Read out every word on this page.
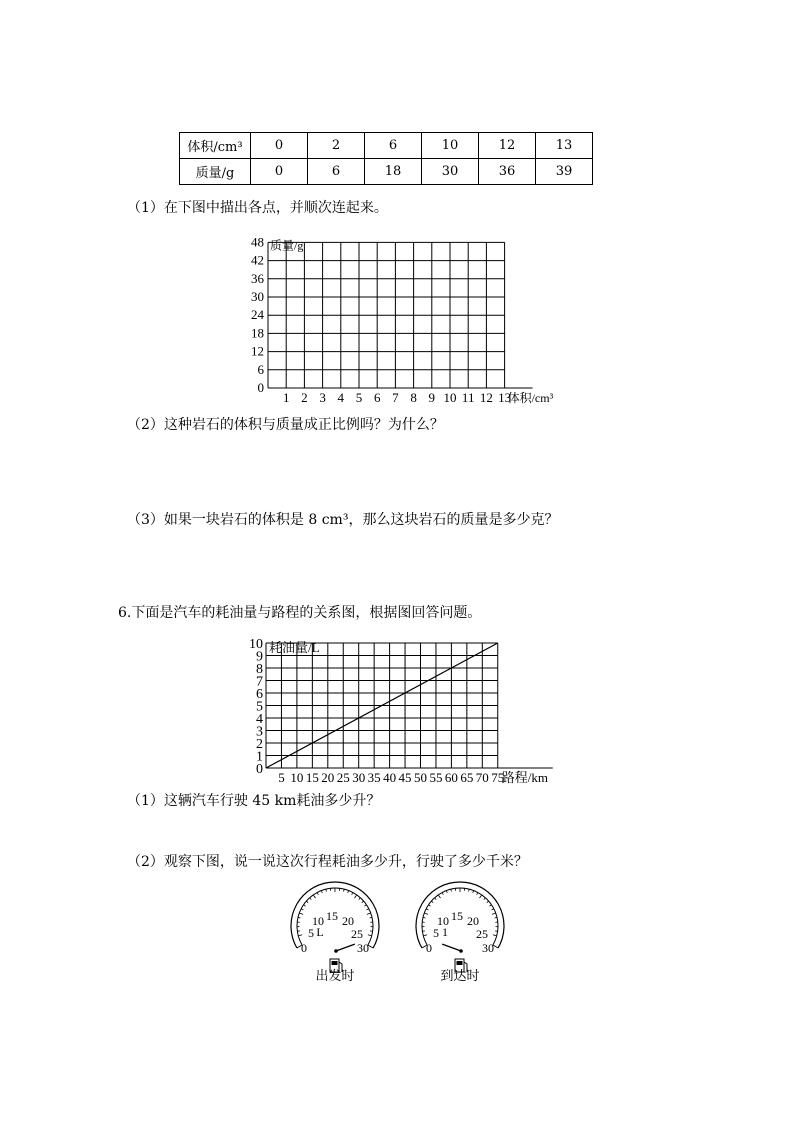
体积/cm³	0	2	6	10	12	13
质量/g	0	6	18	30	36	39
（1）在下图中描出各点，并顺次连起来。
0
6
12
18
24
30
36
42
48
1 2 3 4 5 6 7 8 9 10 11 12 13
质量/g
体积/cm³
（2）这种岩石的体积与质量成正比例吗？为什么？
（3）如果一块岩石的体积是 8 cm³，那么这块岩石的质量是多少克？
6.下面是汽车的耗油量与路程的关系图，根据图回答问题。
0
1
2
3
4
5
6
7
8
9
10
5 10 15 20 25 30 35 40 45 50 55 60 65 70 75
耗油量/L
路程/km
（1）这辆汽车行驶 45 km耗油多少升？
（2）观察下图，说一说这次行程耗油多少升，行驶了多少千米？
0
5 L
10 15 20
25
30
出发时
0
5 1
10 15 20
25
30
到达时
